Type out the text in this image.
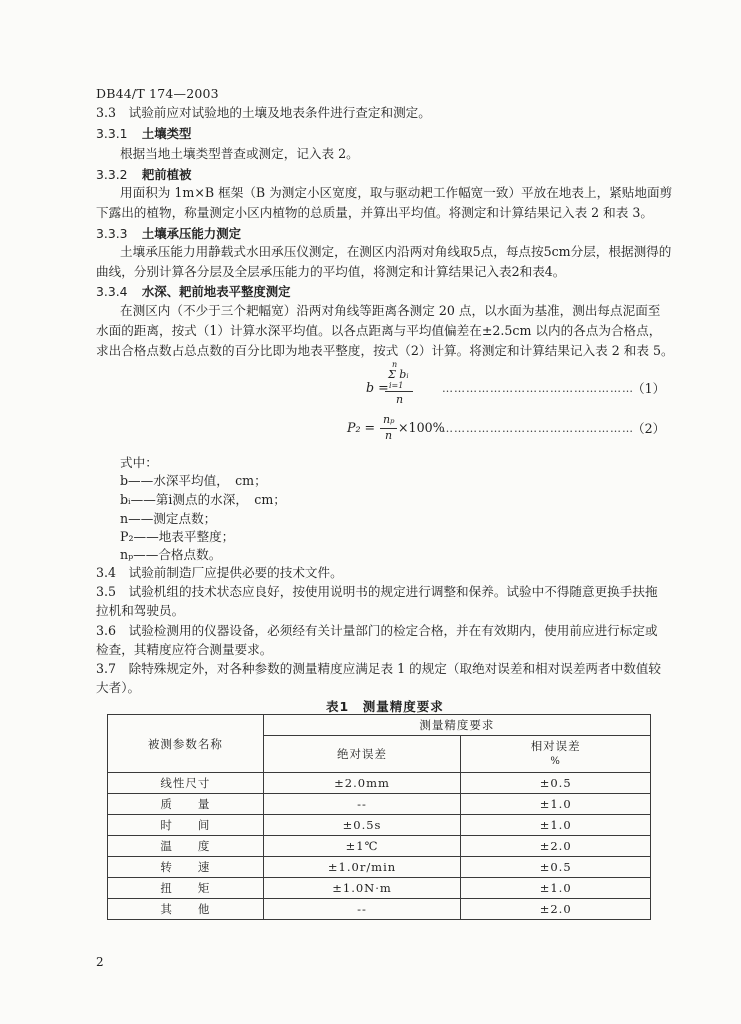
DB44/T 174—2003
3.3　试验前应对试验地的土壤及地表条件进行查定和测定。
3.3.1 土壤类型
根据当地土壤类型普查或测定，记入表 2。
3.3.2 耙前植被
用面积为 1m×B 框架（B 为测定小区宽度，取与驱动耙工作幅宽一致）平放在地表上，紧贴地面剪
下露出的植物，称量测定小区内植物的总质量，并算出平均值。将测定和计算结果记入表 2 和表 3。
3.3.3 土壤承压能力测定
土壤承压能力用静载式水田承压仪测定，在测区内沿两对角线取5点，每点按5cm分层，根据测得的
曲线，分别计算各分层及全层承压能力的平均值，将测定和计算结果记入表2和表4。
3.3.4 水深、耙前地表平整度测定
在测区内（不少于三个耙幅宽）沿两对角线等距离各测定 20 点，以水面为基准，测出每点泥面至
水面的距离，按式（1）计算水深平均值。以各点距离与平均值偏差在±2.5cm 以内的各点为合格点，
求出合格点数占总点数的百分比即为地表平整度，按式（2）计算。将测定和计算结果记入表 2 和表 5。
b =
n
Σ bᵢ
i=1
n
…………………………………………
（1）
P₂ =
nₚ
n
×100%
…………………………………………
（2）
式中：
b——水深平均值，　cm；
bᵢ——第i测点的水深，　cm；
n——测定点数；
P₂——地表平整度；
nₚ——合格点数。
3.4　试验前制造厂应提供必要的技术文件。
3.5　试验机组的技术状态应良好，按使用说明书的规定进行调整和保养。试验中不得随意更换手扶拖
拉机和驾驶员。
3.6　试验检测用的仪器设备，必须经有关计量部门的检定合格，并在有效期内，使用前应进行标定或
检查，其精度应符合测量要求。
3.7　除特殊规定外，对各种参数的测量精度应满足表 1 的规定（取绝对误差和相对误差两者中数值较
大者）。
表1　测量精度要求
被测参数名称	测量精度要求	
	绝对误差	相对误差
%

线性尺寸	±2.0mm	±0.5
质　　量	--	±1.0
时　　间	±0.5s	±1.0
温　　度	±1℃	±2.0
转　　速	±1.0r/min	±0.5
扭　　矩	±1.0N·m	±1.0
其　　他	--	±2.0
2
